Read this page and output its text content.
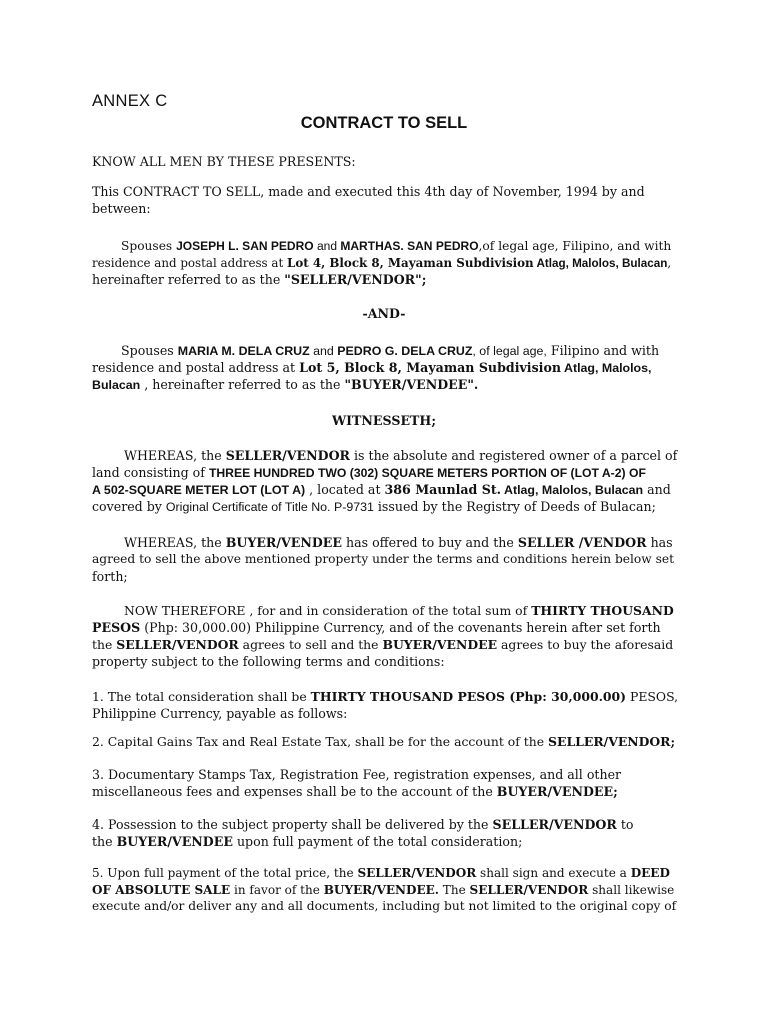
ANNEX C
CONTRACT TO SELL
KNOW ALL MEN BY THESE PRESENTS:
This CONTRACT TO SELL, made and executed this 4th day of November, 1994 by and
between:
Spouses JOSEPH L. SAN PEDRO and MARTHAS. SAN PEDRO,of legal age, Filipino, and with
residence and postal address at Lot 4, Block 8, Mayaman Subdivision Atlag, Malolos, Bulacan,
hereinafter referred to as the "SELLER/VENDOR";
-AND-
Spouses MARIA M. DELA CRUZ and PEDRO G. DELA CRUZ, of legal age, Filipino and with
residence and postal address at Lot 5, Block 8, Mayaman Subdivision Atlag, Malolos,
Bulacan , hereinafter referred to as the "BUYER/VENDEE".
WITNESSETH;
WHEREAS, the SELLER/VENDOR is the absolute and registered owner of a parcel of
land consisting of THREE HUNDRED TWO (302) SQUARE METERS PORTION OF (LOT A-2) OF
A 502-SQUARE METER LOT (LOT A) , located at 386 Maunlad St. Atlag, Malolos, Bulacan and
covered by Original Certificate of Title No. P-9731 issued by the Registry of Deeds of Bulacan;
WHEREAS, the BUYER/VENDEE has offered to buy and the SELLER /VENDOR has
agreed to sell the above mentioned property under the terms and conditions herein below set
forth;
NOW THEREFORE , for and in consideration of the total sum of THIRTY THOUSAND
PESOS (Php: 30,000.00) Philippine Currency, and of the covenants herein after set forth
the SELLER/VENDOR agrees to sell and the BUYER/VENDEE agrees to buy the aforesaid
property subject to the following terms and conditions:
1. The total consideration shall be THIRTY THOUSAND PESOS (Php: 30,000.00) PESOS,
Philippine Currency, payable as follows:
2. Capital Gains Tax and Real Estate Tax, shall be for the account of the SELLER/VENDOR;
3. Documentary Stamps Tax, Registration Fee, registration expenses, and all other
miscellaneous fees and expenses shall be to the account of the BUYER/VENDEE;
4. Possession to the subject property shall be delivered by the SELLER/VENDOR to
the BUYER/VENDEE upon full payment of the total consideration;
5. Upon full payment of the total price, the SELLER/VENDOR shall sign and execute a DEED
OF ABSOLUTE SALE in favor of the BUYER/VENDEE. The SELLER/VENDOR shall likewise
execute and/or deliver any and all documents, including but not limited to the original copy of
